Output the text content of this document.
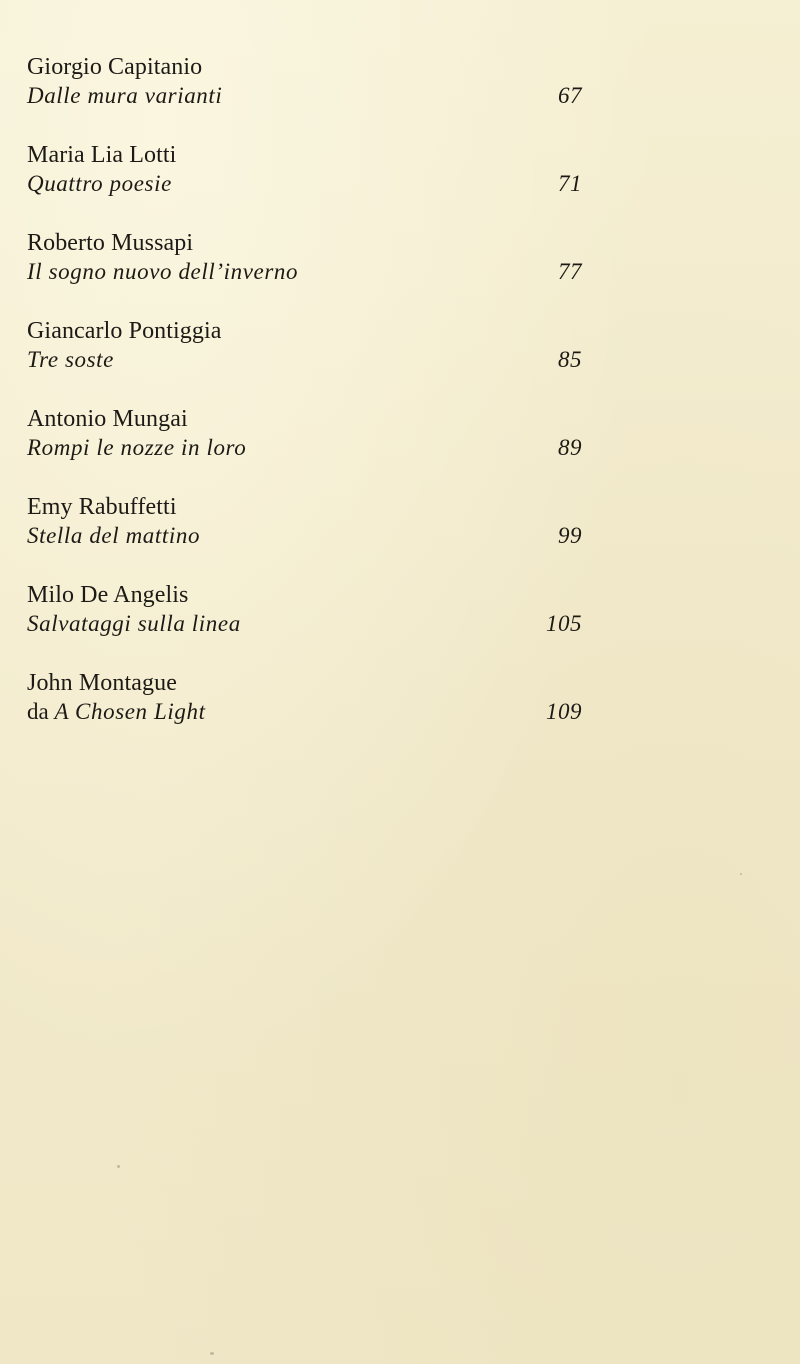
Giorgio Capitanio
Dalle mura varianti	67
Maria Lia Lotti
Quattro poesie	71
Roberto Mussapi
Il sogno nuovo dell’inverno	77
Giancarlo Pontiggia
Tre soste	85
Antonio Mungai
Rompi le nozze in loro	89
Emy Rabuffetti
Stella del mattino	99
Milo De Angelis
Salvataggi sulla linea	105
John Montague
da A Chosen Light	109
